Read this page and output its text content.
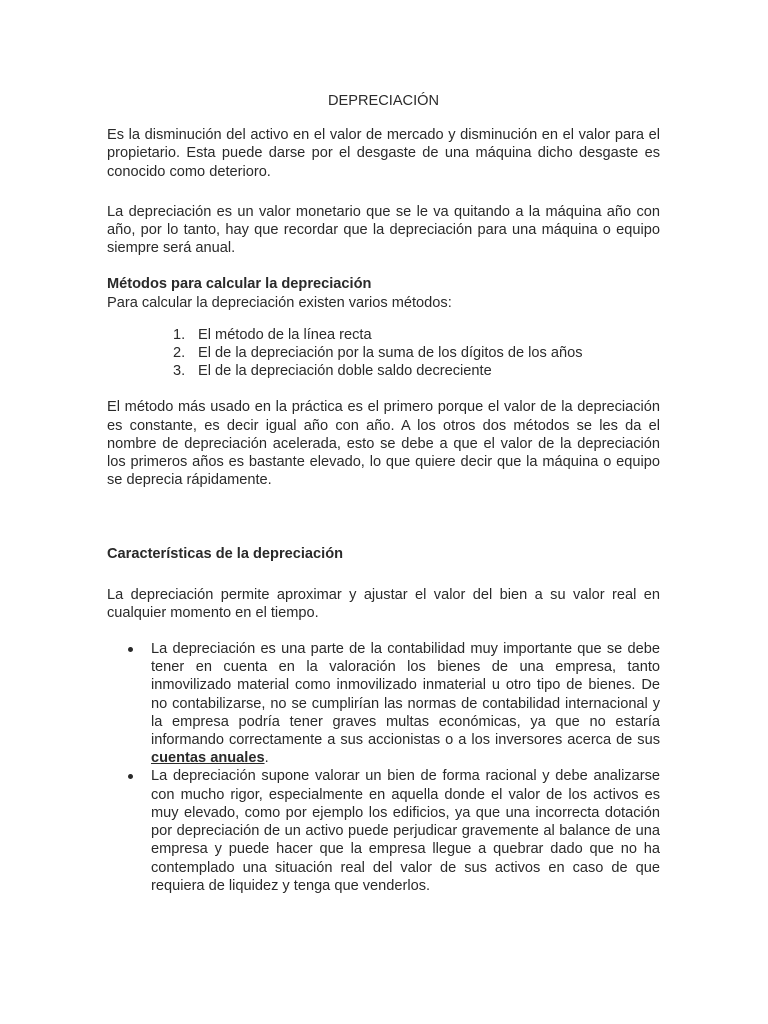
DEPRECIACIÓN

Es la disminución del activo en el valor de mercado y disminución en el valor para el propietario. Esta puede darse por el desgaste de una máquina dicho desgaste es conocido como deterioro.

La depreciación es un valor monetario que se le va quitando a la máquina año con año, por lo tanto, hay que recordar que la depreciación para una máquina o equipo siempre será anual.

Métodos para calcular la depreciación

Para calcular la depreciación existen varios métodos:

1. El método de la línea recta
2. El de la depreciación por la suma de los dígitos de los años
3. El de la depreciación doble saldo decreciente

El método más usado en la práctica es el primero porque el valor de la depreciación es constante, es decir igual año con año. A los otros dos métodos se les da el nombre de depreciación acelerada, esto se debe a que el valor de la depreciación los primeros años es bastante elevado, lo que quiere decir que la máquina o equipo se deprecia rápidamente.

Características de la depreciación

La depreciación permite aproximar y ajustar el valor del bien a su valor real en cualquier momento en el tiempo.

La depreciación es una parte de la contabilidad muy importante que se debe tener en cuenta en la valoración los bienes de una empresa, tanto inmovilizado material como inmovilizado inmaterial u otro tipo de bienes. De no contabilizarse, no se cumplirían las normas de contabilidad internacional y la empresa podría tener graves multas económicas, ya que no estaría informando correctamente a sus accionistas o a los inversores acerca de sus cuentas anuales.
La depreciación supone valorar un bien de forma racional y debe analizarse con mucho rigor, especialmente en aquella donde el valor de los activos es muy elevado, como por ejemplo los edificios, ya que una incorrecta dotación por depreciación de un activo puede perjudicar gravemente al balance de una empresa y puede hacer que la empresa llegue a quebrar dado que no ha contemplado una situación real del valor de sus activos en caso de que requiera de liquidez y tenga que venderlos.
